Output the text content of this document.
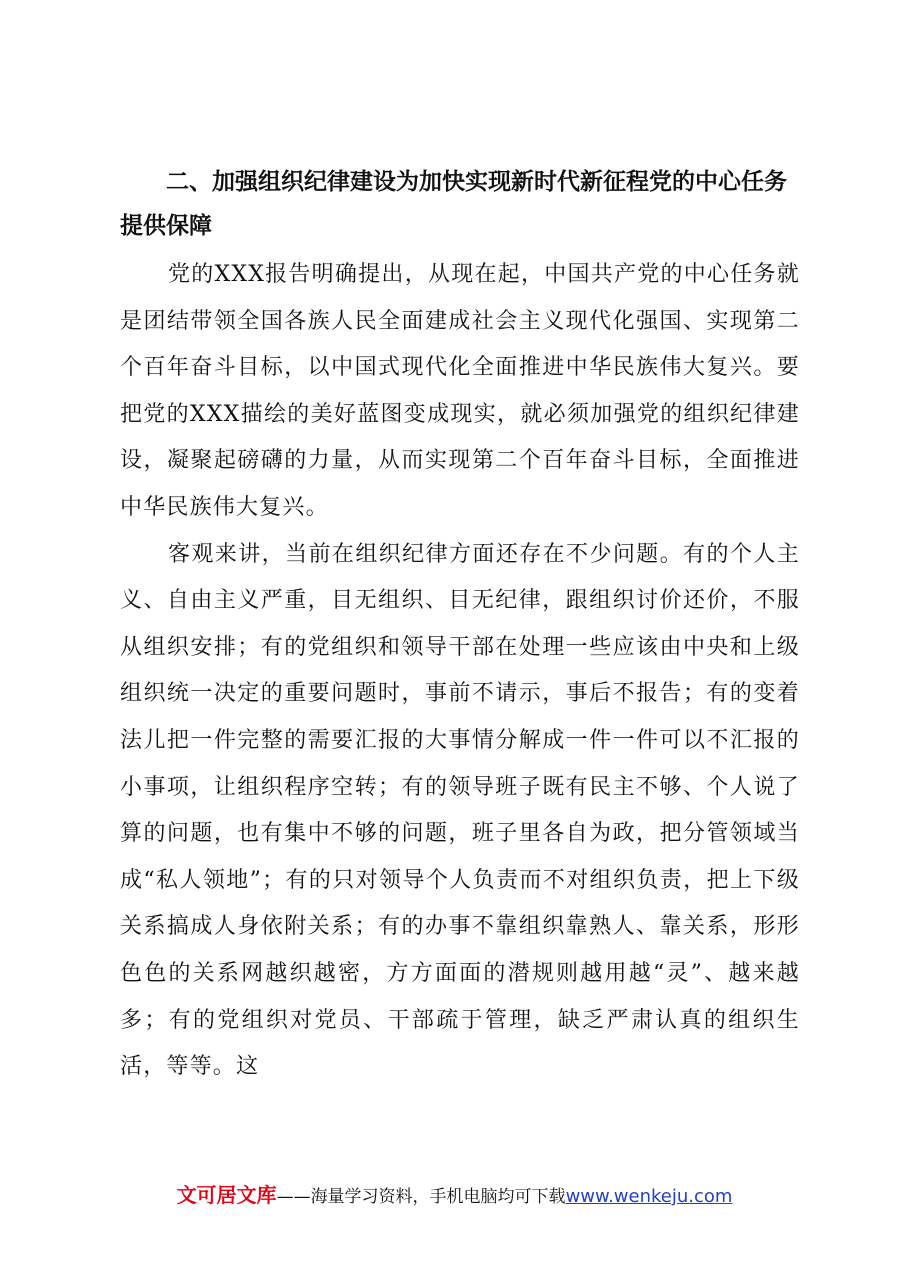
二、加强组织纪律建设为加快实现新时代新征程党的中心任务提供保障

党的XXX报告明确提出，从现在起，中国共产党的中心任务就是团结带领全国各族人民全面建成社会主义现代化强国、实现第二个百年奋斗目标，以中国式现代化全面推进中华民族伟大复兴。要把党的XXX描绘的美好蓝图变成现实，就必须加强党的组织纪律建设，凝聚起磅礴的力量，从而实现第二个百年奋斗目标，全面推进中华民族伟大复兴。

客观来讲，当前在组织纪律方面还存在不少问题。有的个人主义、自由主义严重，目无组织、目无纪律，跟组织讨价还价，不服从组织安排；有的党组织和领导干部在处理一些应该由中央和上级组织统一决定的重要问题时，事前不请示，事后不报告；有的变着法儿把一件完整的需要汇报的大事情分解成一件一件可以不汇报的小事项，让组织程序空转；有的领导班子既有民主不够、个人说了算的问题，也有集中不够的问题，班子里各自为政，把分管领域当成“私人领地”；有的只对领导个人负责而不对组织负责，把上下级关系搞成人身依附关系；有的办事不靠组织靠熟人、靠关系，形形色色的关系网越织越密，方方面面的潜规则越用越“灵”、越来越多；有的党组织对党员、干部疏于管理，缺乏严肃认真的组织生活，等等。这

文可居文库——海量学习资料，手机电脑均可下载www.wenkeju.com
